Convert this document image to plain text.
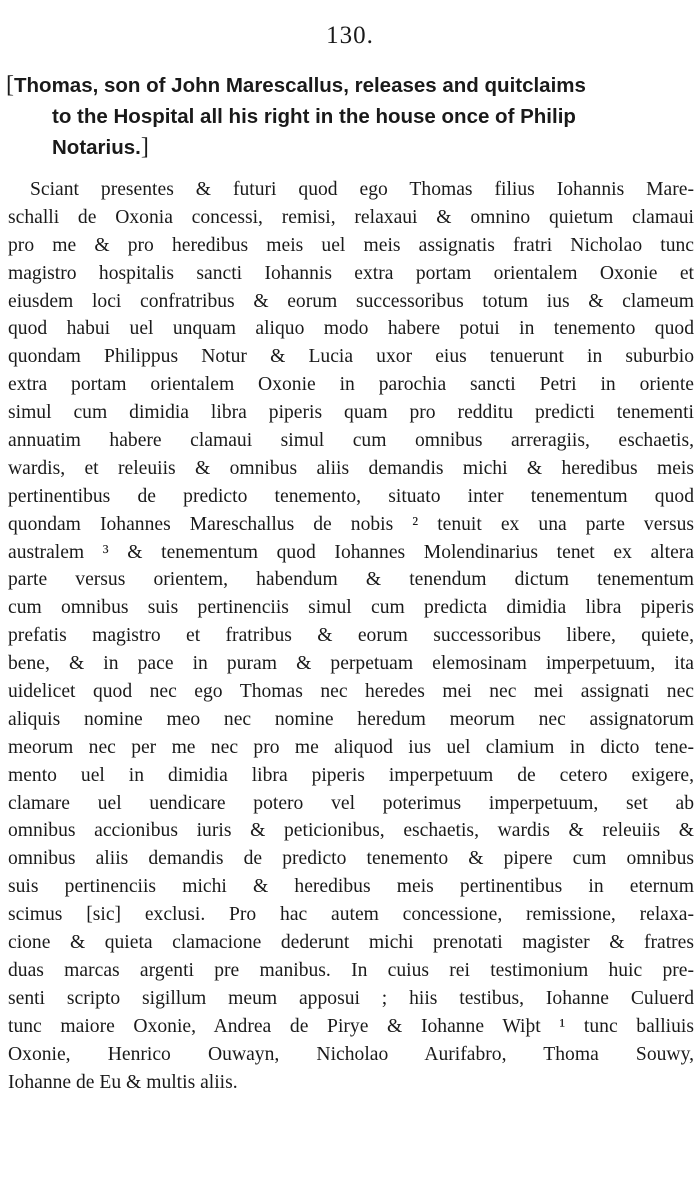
130.
[Thomas, son of John Marescallus, releases and quitclaims
to the Hospital all his right in the house once of Philip
Notarius.]
Sciant presentes & futuri quod ego Thomas filius Iohannis Mare-
schalli de Oxonia concessi, remisi, relaxaui & omnino quietum clamaui
pro me & pro heredibus meis uel meis assignatis fratri Nicholao tunc
magistro hospitalis sancti Iohannis extra portam orientalem Oxonie et
eiusdem loci confratribus & eorum successoribus totum ius & clameum
quod habui uel unquam aliquo modo habere potui in tenemento quod
quondam Philippus Notur & Lucia uxor eius tenuerunt in suburbio
extra portam orientalem Oxonie in parochia sancti Petri in oriente
simul cum dimidia libra piperis quam pro redditu predicti tenementi
annuatim habere clamaui simul cum omnibus arreragiis, eschaetis,
wardis, et releuiis & omnibus aliis demandis michi & heredibus meis
pertinentibus de predicto tenemento, situato inter tenementum quod
quondam Iohannes Mareschallus de nobis ² tenuit ex una parte versus
australem ³ & tenementum quod Iohannes Molendinarius tenet ex altera
parte versus orientem, habendum & tenendum dictum tenementum
cum omnibus suis pertinenciis simul cum predicta dimidia libra piperis
prefatis magistro et fratribus & eorum successoribus libere, quiete,
bene, & in pace in puram & perpetuam elemosinam imperpetuum, ita
uidelicet quod nec ego Thomas nec heredes mei nec mei assignati nec
aliquis nomine meo nec nomine heredum meorum nec assignatorum
meorum nec per me nec pro me aliquod ius uel clamium in dicto tene-
mento uel in dimidia libra piperis imperpetuum de cetero exigere,
clamare uel uendicare potero vel poterimus imperpetuum, set ab
omnibus accionibus iuris & peticionibus, eschaetis, wardis & releuiis &
omnibus aliis demandis de predicto tenemento & pipere cum omnibus
suis pertinenciis michi & heredibus meis pertinentibus in eternum
scimus [sic] exclusi. Pro hac autem concessione, remissione, relaxa-
cione & quieta clamacione dederunt michi prenotati magister & fratres
duas marcas argenti pre manibus. In cuius rei testimonium huic pre-
senti scripto sigillum meum apposui ; hiis testibus, Iohanne Culuerd
tunc maiore Oxonie, Andrea de Pirye & Iohanne Wiþt ¹ tunc balliuis
Oxonie, Henrico Ouwayn, Nicholao Aurifabro, Thoma Souwy,
Iohanne de Eu & multis aliis.
